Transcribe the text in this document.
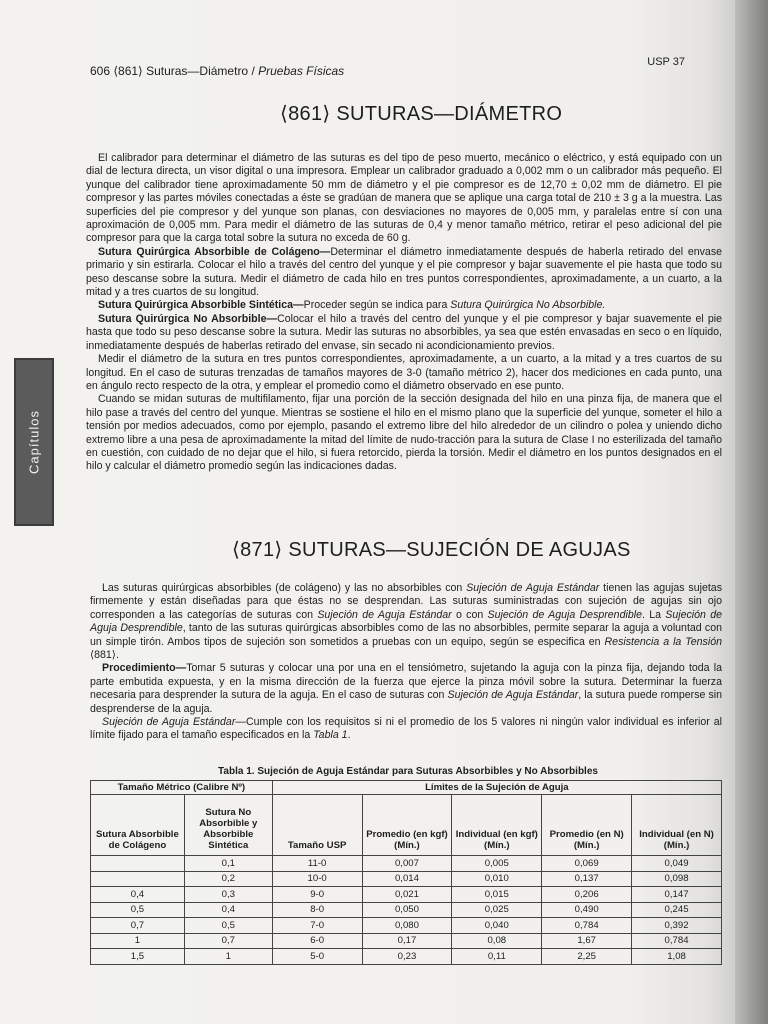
606 ⟨861⟩ Suturas—Diámetro / Pruebas Físicas
USP 37
⟨861⟩ SUTURAS—DIÁMETRO

El calibrador para determinar el diámetro de las suturas es del tipo de peso muerto, mecánico o eléctrico, y está equipado con un dial de lectura directa, un visor digital o una impresora. Emplear un calibrador graduado a 0,002 mm o un calibrador más pequeño. El yunque del calibrador tiene aproximadamente 50 mm de diámetro y el pie compresor es de 12,70 ± 0,02 mm de diámetro. El pie compresor y las partes móviles conectadas a éste se gradúan de manera que se aplique una carga total de 210 ± 3 g a la muestra. Las superficies del pie compresor y del yunque son planas, con desviaciones no mayores de 0,005 mm, y paralelas entre sí con una aproximación de 0,005 mm. Para medir el diámetro de las suturas de 0,4 y menor tamaño métrico, retirar el peso adicional del pie compresor para que la carga total sobre la sutura no exceda de 60 g.

Sutura Quirúrgica Absorbible de Colágeno—Determinar el diámetro inmediatamente después de haberla retirado del envase primario y sin estirarla. Colocar el hilo a través del centro del yunque y el pie compresor y bajar suavemente el pie hasta que todo su peso descanse sobre la sutura. Medir el diámetro de cada hilo en tres puntos correspondientes, aproximadamente, a un cuarto, a la mitad y a tres cuartos de su longitud.

Sutura Quirúrgica Absorbible Sintética—Proceder según se indica para Sutura Quirúrgica No Absorbible.

Sutura Quirúrgica No Absorbible—Colocar el hilo a través del centro del yunque y el pie compresor y bajar suavemente el pie hasta que todo su peso descanse sobre la sutura. Medir las suturas no absorbibles, ya sea que estén envasadas en seco o en líquido, inmediatamente después de haberlas retirado del envase, sin secado ni acondicionamiento previos.

Medir el diámetro de la sutura en tres puntos correspondientes, aproximadamente, a un cuarto, a la mitad y a tres cuartos de su longitud. En el caso de suturas trenzadas de tamaños mayores de 3-0 (tamaño métrico 2), hacer dos mediciones en cada punto, una en ángulo recto respecto de la otra, y emplear el promedio como el diámetro observado en ese punto.

Cuando se midan suturas de multifilamento, fijar una porción de la sección designada del hilo en una pinza fija, de manera que el hilo pase a través del centro del yunque. Mientras se sostiene el hilo en el mismo plano que la superficie del yunque, someter el hilo a tensión por medios adecuados, como por ejemplo, pasando el extremo libre del hilo alrededor de un cilindro o polea y uniendo dicho extremo libre a una pesa de aproximadamente la mitad del límite de nudo-tracción para la sutura de Clase I no esterilizada del tamaño en cuestión, con cuidado de no dejar que el hilo, si fuera retorcido, pierda la torsión. Medir el diámetro en los puntos designados en el hilo y calcular el diámetro promedio según las indicaciones dadas.

⟨871⟩ SUTURAS—SUJECIÓN DE AGUJAS

Las suturas quirúrgicas absorbibles (de colágeno) y las no absorbibles con Sujeción de Aguja Estándar tienen las agujas sujetas firmemente y están diseñadas para que éstas no se desprendan. Las suturas suministradas con sujeción de agujas sin ojo corresponden a las categorías de suturas con Sujeción de Aguja Estándar o con Sujeción de Aguja Desprendible. La Sujeción de Aguja Desprendible, tanto de las suturas quirúrgicas absorbibles como de las no absorbibles, permite separar la aguja a voluntad con un simple tirón. Ambos tipos de sujeción son sometidos a pruebas con un equipo, según se especifica en Resistencia a la Tensión ⟨881⟩.

Procedimiento—Tomar 5 suturas y colocar una por una en el tensiómetro, sujetando la aguja con la pinza fija, dejando toda la parte embutida expuesta, y en la misma dirección de la fuerza que ejerce la pinza móvil sobre la sutura. Determinar la fuerza necesaria para desprender la sutura de la aguja. En el caso de suturas con Sujeción de Aguja Estándar, la sutura puede romperse sin desprenderse de la aguja.

Sujeción de Aguja Estándar—Cumple con los requisitos si ni el promedio de los 5 valores ni ningún valor individual es inferior al límite fijado para el tamaño especificados en la Tabla 1.

Tabla 1. Sujeción de Aguja Estándar para Suturas Absorbibles y No Absorbibles
Tamaño Métrico (Calibre Nº)		Límites de la Sujeción de Aguja				
Sutura Absorbible de Colágeno	Sutura No Absorbible y Absorbible Sintética	Tamaño USP	Promedio (en kgf) (Mín.)	Individual (en kgf) (Mín.)	Promedio (en N) (Mín.)	Individual (en N) (Mín.)
	0,1	11-0	0,007	0,005	0,069	0,049
	0,2	10-0	0,014	0,010	0,137	0,098
0,4	0,3	9-0	0,021	0,015	0,206	0,147
0,5	0,4	8-0	0,050	0,025	0,490	0,245
0,7	0,5	7-0	0,080	0,040	0,784	0,392
1	0,7	6-0	0,17	0,08	1,67	0,784
1,5	1	5-0	0,23	0,11	2,25	1,08
Capítulos
